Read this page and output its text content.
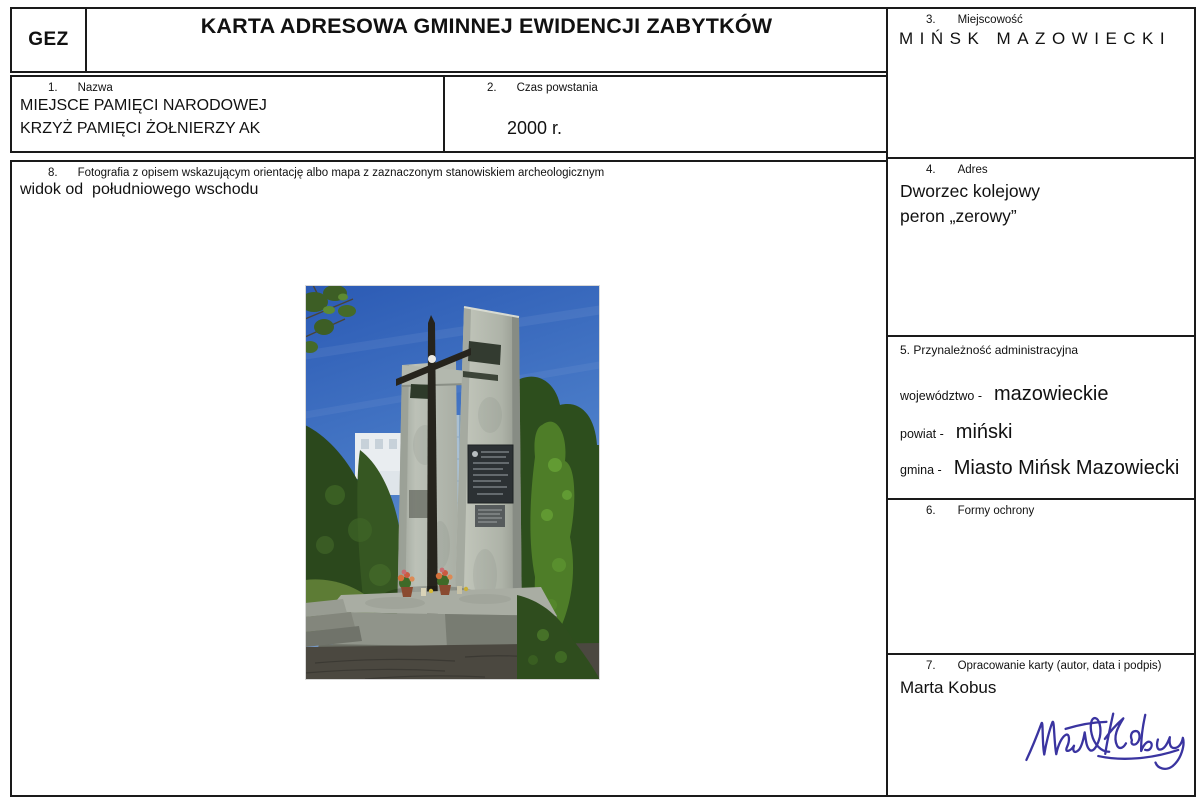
GEZ
KARTA ADRESOWA GMINNEJ EWIDENCJI ZABYTKÓW
1. Nazwa
MIEJSCE PAMIĘCI NARODOWEJ
KRZYŻ PAMIĘCI ŻOŁNIERZY AK
2. Czas powstania
2000 r.
8. Fotografia z opisem wskazującym orientację albo mapa z zaznaczonym stanowiskiem archeologicznym
widok od  południowego wschodu
3. Miejscowość
MIŃSK MAZOWIECKI
4. Adres
Dworzec kolejowy
peron „zerowy”
5. Przynależność administracyjna
województwo - mazowieckie
powiat - miński
gmina - Miasto Mińsk Mazowiecki
6. Formy ochrony
7. Opracowanie karty (autor, data i podpis)
Marta Kobus
